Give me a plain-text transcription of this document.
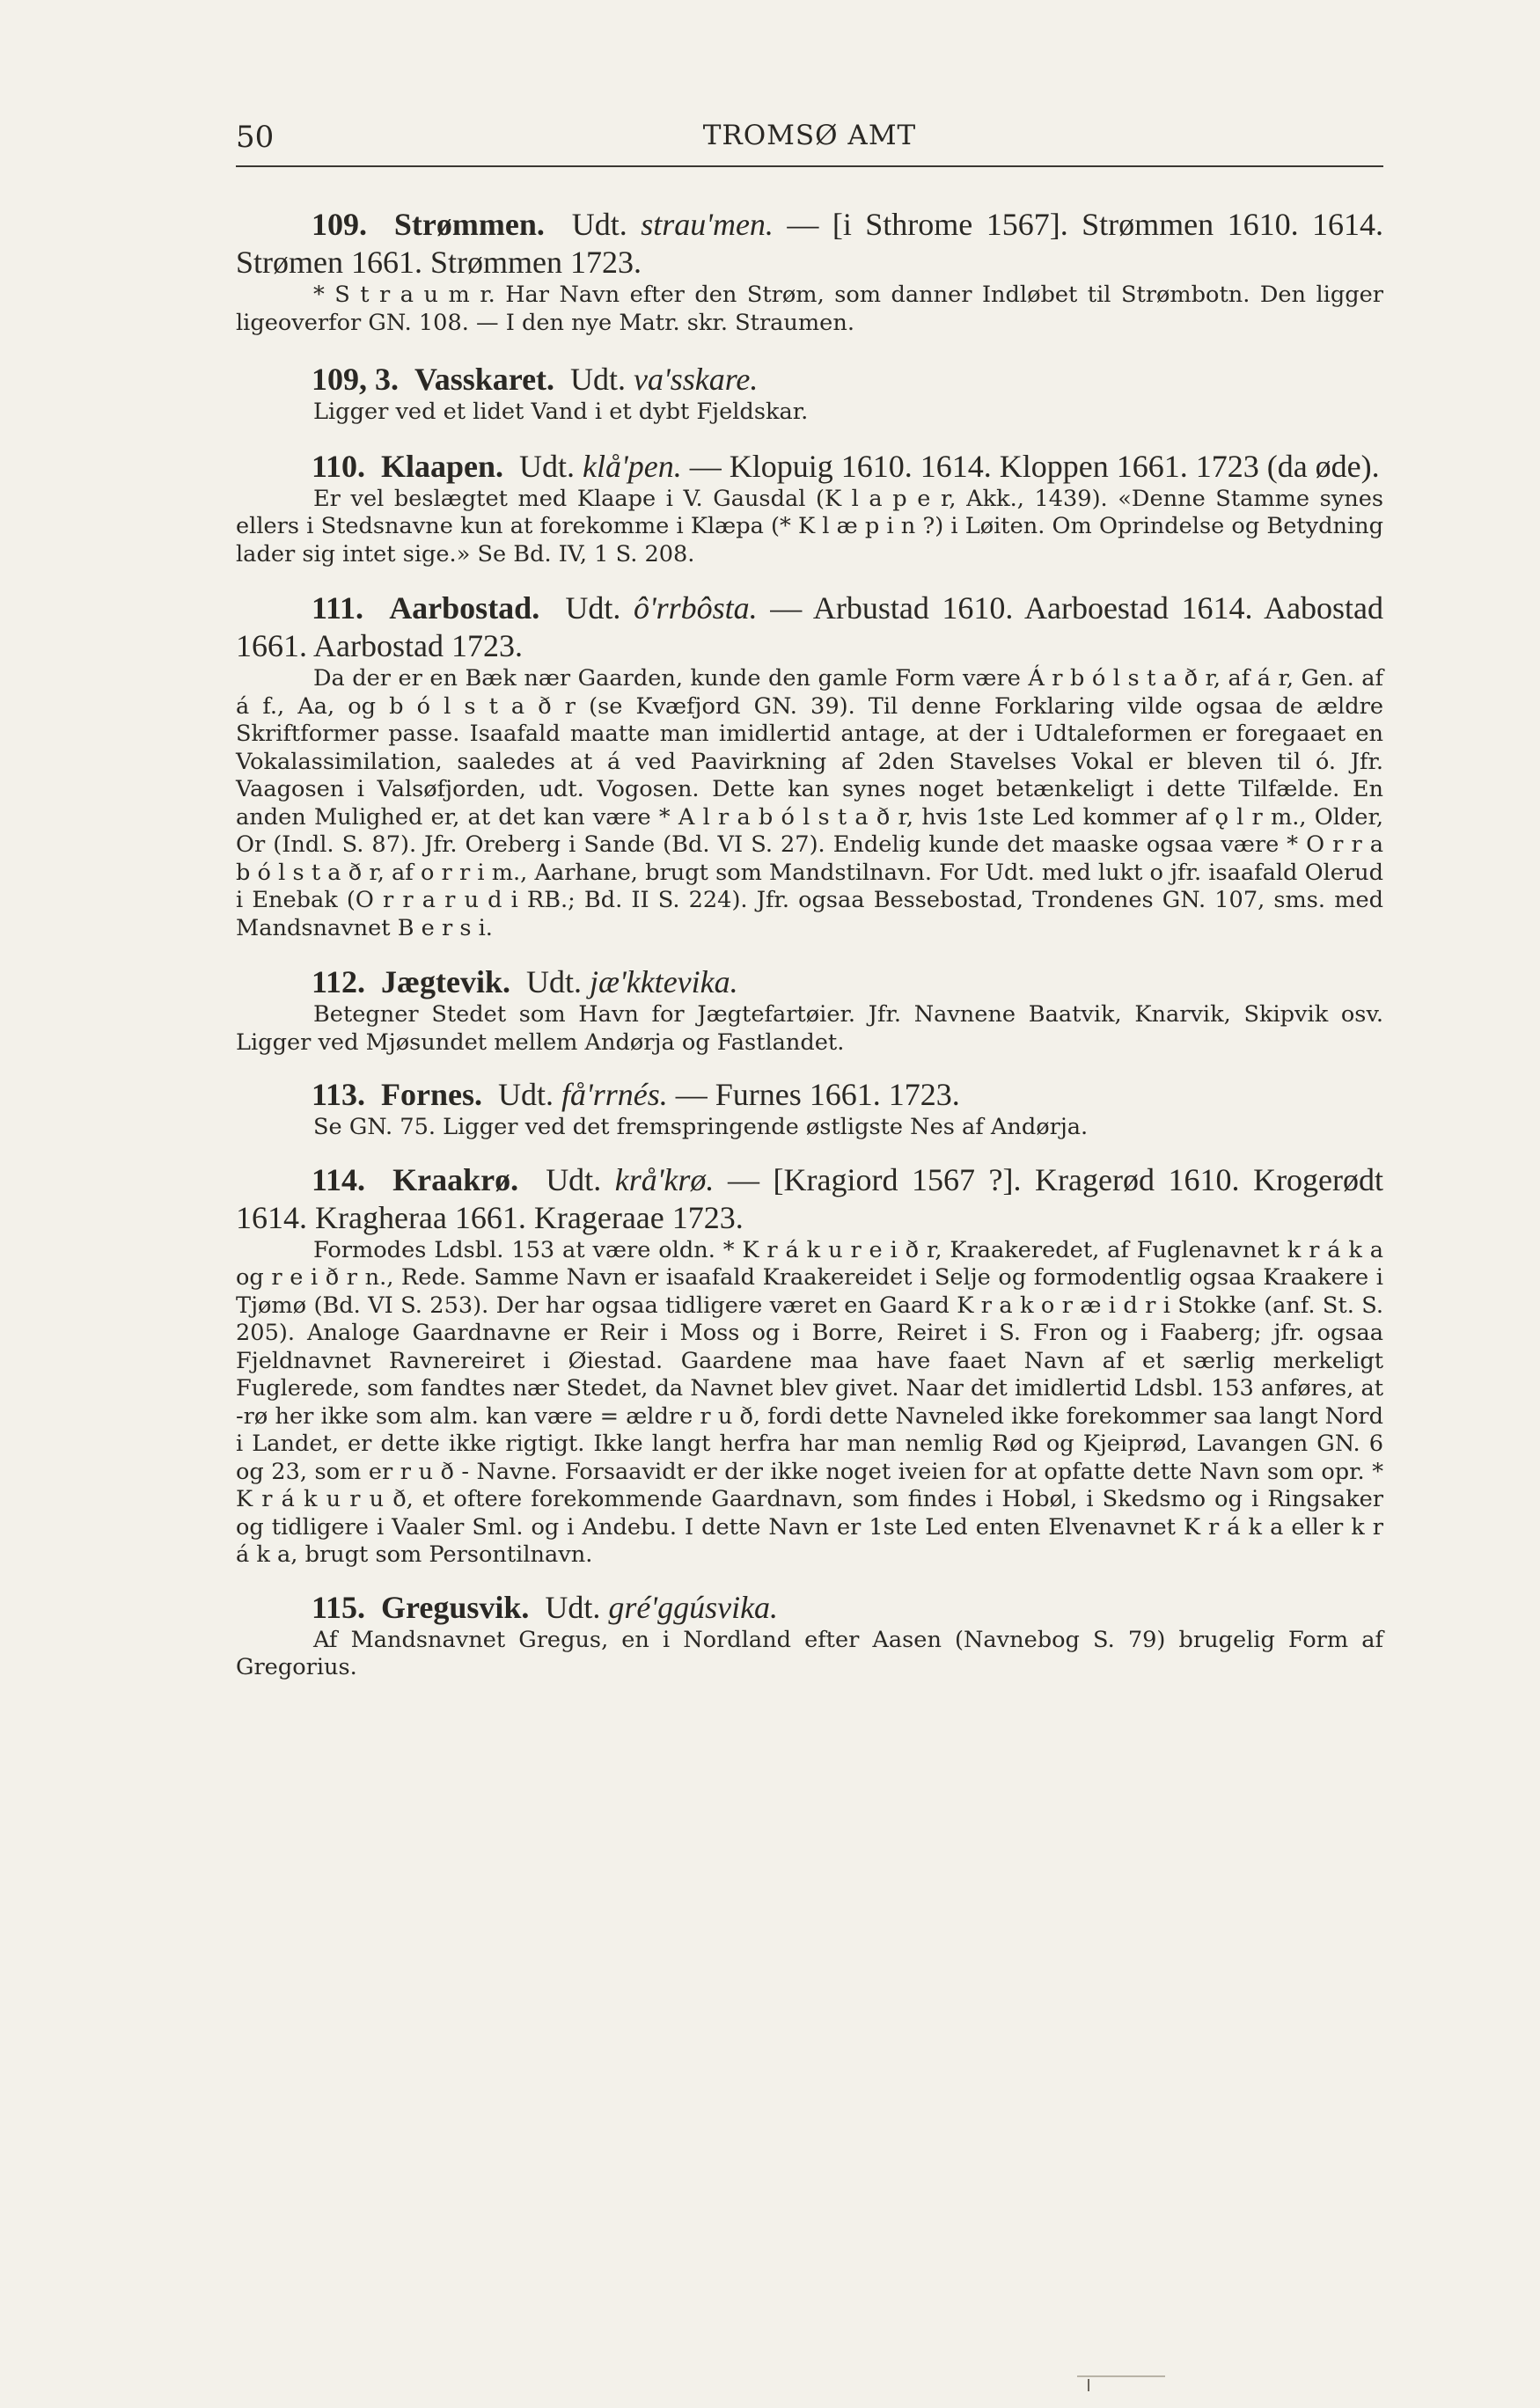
50	TROMSØ AMT

109. Strømmen. Udt. strau'men. — [i Sthrome 1567]. Strømmen 1610. 1614. Strømen 1661. Strømmen 1723.

* S t r a u m r. Har Navn efter den Strøm, som danner Indløbet til Strømbotn. Den ligger ligeoverfor GN. 108. — I den nye Matr. skr. Straumen.

109, 3. Vasskaret. Udt. va'sskare.

Ligger ved et lidet Vand i et dybt Fjeldskar.

110. Klaapen. Udt. klå'pen. — Klopuig 1610. 1614. Kloppen 1661. 1723 (da øde).

Er vel beslægtet med Klaape i V. Gausdal (K l a p e r, Akk., 1439). «Denne Stamme synes ellers i Stedsnavne kun at forekomme i Klæpa (* K l æ p i n ?) i Løiten. Om Oprindelse og Betydning lader sig intet sige.» Se Bd. IV, 1 S. 208.

111. Aarbostad. Udt. ô'rrbôsta. — Arbustad 1610. Aarboestad 1614. Aabostad 1661. Aarbostad 1723.

Da der er en Bæk nær Gaarden, kunde den gamle Form være Á r b ó l s t a ð r, af á r, Gen. af á f., Aa, og b ó l s t a ð r (se Kvæfjord GN. 39). Til denne Forklaring vilde ogsaa de ældre Skriftformer passe. Isaafald maatte man imidlertid antage, at der i Udtaleformen er foregaaet en Vokalassimilation, saaledes at á ved Paavirkning af 2den Stavelses Vokal er bleven til ó. Jfr. Vaagosen i Valsøfjorden, udt. Vogosen. Dette kan synes noget betænkeligt i dette Tilfælde. En anden Mulighed er, at det kan være * A l r a b ó l s t a ð r, hvis 1ste Led kommer af ǫ l r m., Older, Or (Indl. S. 87). Jfr. Oreberg i Sande (Bd. VI S. 27). Endelig kunde det maaske ogsaa være * O r r a b ó l s t a ð r, af o r r i m., Aarhane, brugt som Mandstilnavn. For Udt. med lukt o jfr. isaafald Olerud i Enebak (O r r a r u d i RB.; Bd. II S. 224). Jfr. ogsaa Bessebostad, Trondenes GN. 107, sms. med Mandsnavnet B e r s i.

112. Jægtevik. Udt. jæ'kktevika.

Betegner Stedet som Havn for Jægtefartøier. Jfr. Navnene Baatvik, Knarvik, Skipvik osv. Ligger ved Mjøsundet mellem Andørja og Fastlandet.

113. Fornes. Udt. få'rrnés. — Furnes 1661. 1723.

Se GN. 75. Ligger ved det fremspringende østligste Nes af Andørja.

114. Kraakrø. Udt. krå'krø. — [Kragiord 1567 ?]. Kragerød 1610. Krogerødt 1614. Kragheraa 1661. Krageraae 1723.

Formodes Ldsbl. 153 at være oldn. * K r á k u r e i ð r, Kraakeredet, af Fuglenavnet k r á k a og r e i ð r n., Rede. Samme Navn er isaafald Kraakereidet i Selje og formodentlig ogsaa Kraakere i Tjømø (Bd. VI S. 253). Der har ogsaa tidligere været en Gaard K r a k o r æ i d r i Stokke (anf. St. S. 205). Analoge Gaardnavne er Reir i Moss og i Borre, Reiret i S. Fron og i Faaberg; jfr. ogsaa Fjeldnavnet Ravnereiret i Øiestad. Gaardene maa have faaet Navn af et særlig merkeligt Fuglerede, som fandtes nær Stedet, da Navnet blev givet. Naar det imidlertid Ldsbl. 153 anføres, at -rø her ikke som alm. kan være = ældre r u ð, fordi dette Navneled ikke forekommer saa langt Nord i Landet, er dette ikke rigtigt. Ikke langt herfra har man nemlig Rød og Kjeiprød, Lavangen GN. 6 og 23, som er r u ð - Navne. Forsaavidt er der ikke noget iveien for at opfatte dette Navn som opr. * K r á k u r u ð, et oftere forekommende Gaardnavn, som findes i Hobøl, i Skedsmo og i Ringsaker og tidligere i Vaaler Sml. og i Andebu. I dette Navn er 1ste Led enten Elvenavnet K r á k a eller k r á k a, brugt som Persontilnavn.

115. Gregusvik. Udt. gré'ggúsvika.

Af Mandsnavnet Gregus, en i Nordland efter Aasen (Navnebog S. 79) brugelig Form af Gregorius.
